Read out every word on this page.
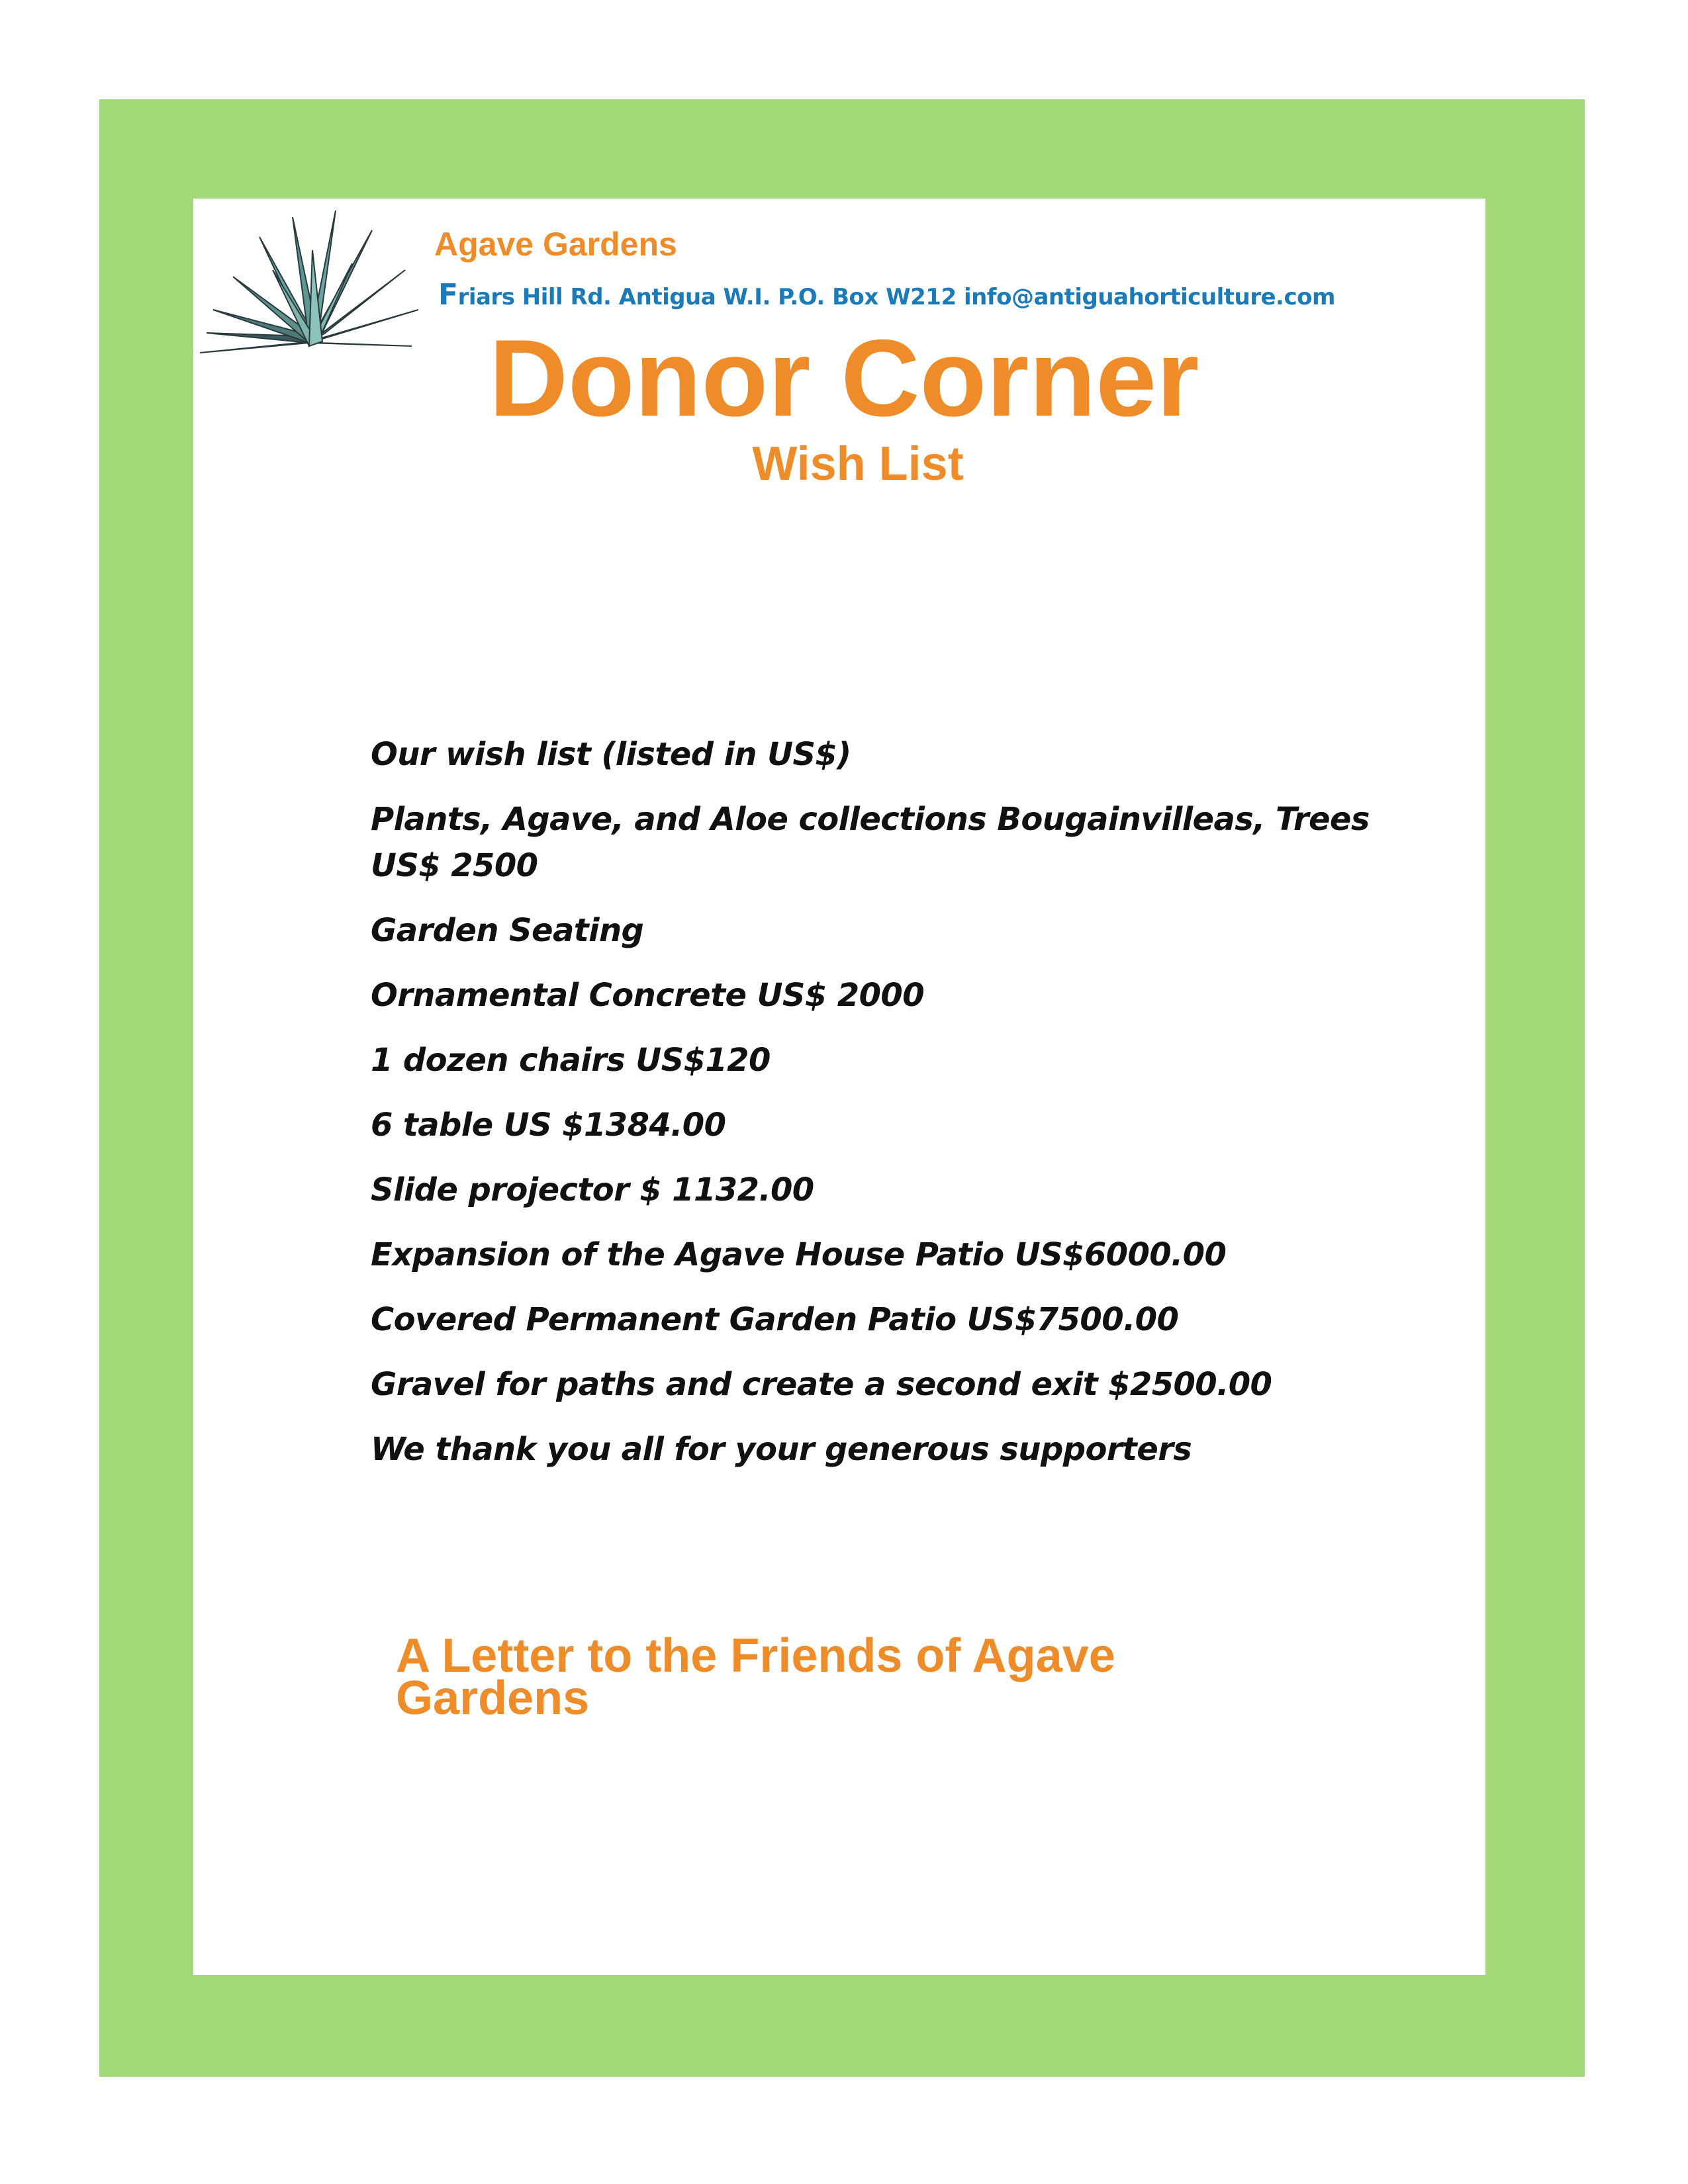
Agave Gardens
Friars Hill Rd. Antigua W.I. P.O. Box W212 info@antiguahorticulture.com
Donor Corner
Wish List
Our wish list (listed in US$)
Plants, Agave, and Aloe collections Bougainvilleas, Trees US$ 2500
Garden Seating
Ornamental Concrete US$ 2000
1 dozen chairs US$120
6 table US $1384.00
Slide projector $ 1132.00
Expansion of the Agave House Patio US$6000.00
Covered Permanent Garden Patio US$7500.00
Gravel for paths and create a second exit $2500.00
We thank you all for your generous supporters
A Letter to the Friends of Agave Gardens
